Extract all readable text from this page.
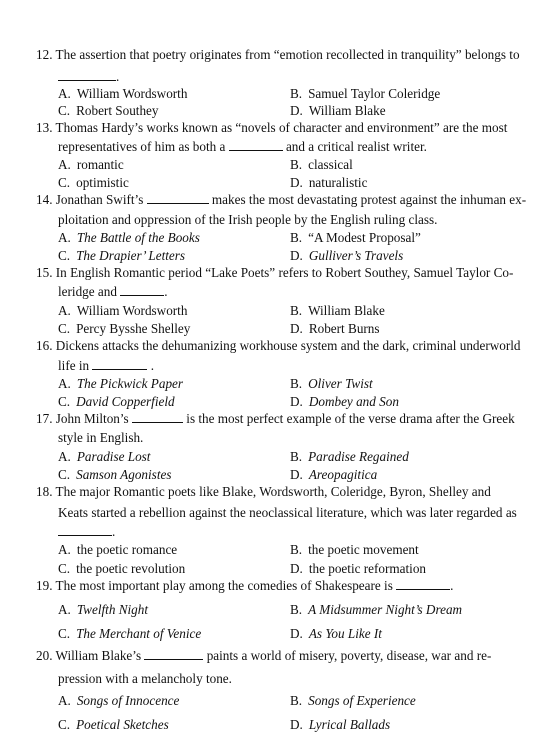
12. The assertion that poetry originates from “emotion recollected in tranquility” belongs to
.
A. William Wordsworth	B. Samuel Taylor Coleridge
C. Robert Southey	D. William Blake
13. Thomas Hardy’s works known as “novels of character and environment” are the most
representatives of him as both a	and a critical realist writer.
A. romantic	B. classical
C. optimistic	D. naturalistic
14. Jonathan Swift’s	makes the most devastating protest against the inhuman ex-
ploitation and oppression of the Irish people by the English ruling class.
A. The Battle of the Books	B. “A Modest Proposal”
C. The Drapier’ Letters	D. Gulliver’s Travels
15. In English Romantic period “Lake Poets” refers to Robert Southey, Samuel Taylor Co-
leridge and	.
A. William Wordsworth	B. William Blake
C. Percy Bysshe Shelley	D. Robert Burns
16. Dickens attacks the dehumanizing workhouse system and the dark, criminal underworld
life in	.
A. The Pickwick Paper	B. Oliver Twist
C. David Copperfield	D. Dombey and Son
17. John Milton’s	is the most perfect example of the verse drama after the Greek
style in English.
A. Paradise Lost	B. Paradise Regained
C. Samson Agonistes	D. Areopagitica
18. The major Romantic poets like Blake, Wordsworth, Coleridge, Byron, Shelley and
Keats started a rebellion against the neoclassical literature, which was later regarded as
.
A. the poetic romance	B. the poetic movement
C. the poetic revolution	D. the poetic reformation
19. The most important play among the comedies of Shakespeare is	.
A. Twelfth Night	B. A Midsummer Night’s Dream
C. The Merchant of Venice	D. As You Like It
20. William Blake’s	paints a world of misery, poverty, disease, war and re-
pression with a melancholy tone.
A. Songs of Innocence	B. Songs of Experience
C. Poetical Sketches	D. Lyrical Ballads
